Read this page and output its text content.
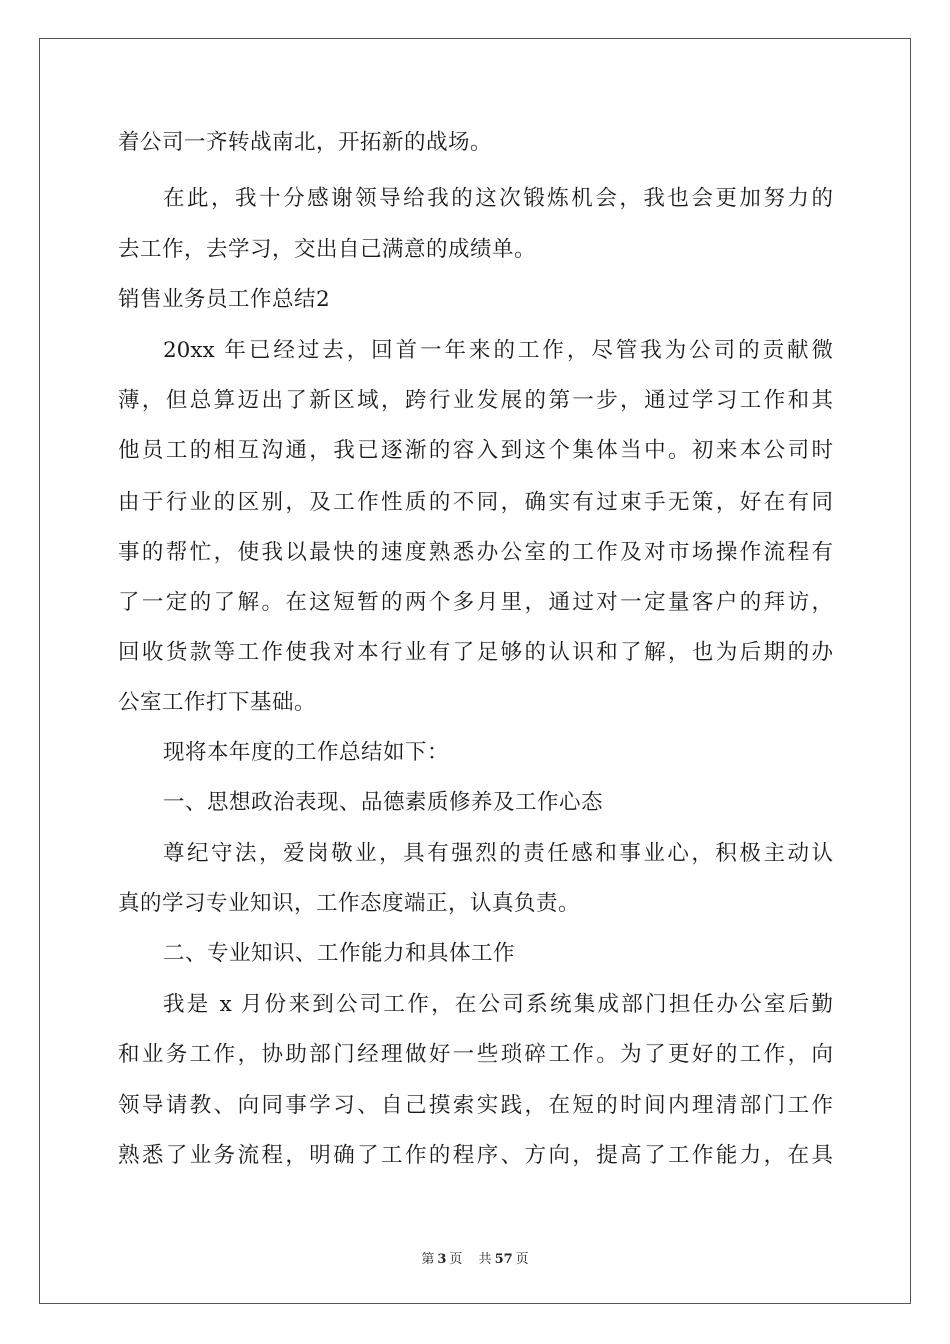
着公司一齐转战南北，开拓新的战场。
在此，我十分感谢领导给我的这次锻炼机会，我也会更加努力的
去工作，去学习，交出自己满意的成绩单。
销售业务员工作总结2
20xx 年已经过去，回首一年来的工作，尽管我为公司的贡献微
薄，但总算迈出了新区域，跨行业发展的第一步，通过学习工作和其
他员工的相互沟通，我已逐渐的容入到这个集体当中。初来本公司时
由于行业的区别，及工作性质的不同，确实有过束手无策，好在有同
事的帮忙，使我以最快的速度熟悉办公室的工作及对市场操作流程有
了一定的了解。在这短暂的两个多月里，通过对一定量客户的拜访，
回收货款等工作使我对本行业有了足够的认识和了解，也为后期的办
公室工作打下基础。
现将本年度的工作总结如下：
一、思想政治表现、品德素质修养及工作心态
尊纪守法，爱岗敬业，具有强烈的责任感和事业心，积极主动认
真的学习专业知识，工作态度端正，认真负责。
二、专业知识、工作能力和具体工作
我是 x 月份来到公司工作，在公司系统集成部门担任办公室后勤
和业务工作，协助部门经理做好一些琐碎工作。为了更好的工作，向
领导请教、向同事学习、自己摸索实践，在短的时间内理清部门工作
熟悉了业务流程，明确了工作的程序、方向，提高了工作能力，在具
第 3 页 共 57 页
